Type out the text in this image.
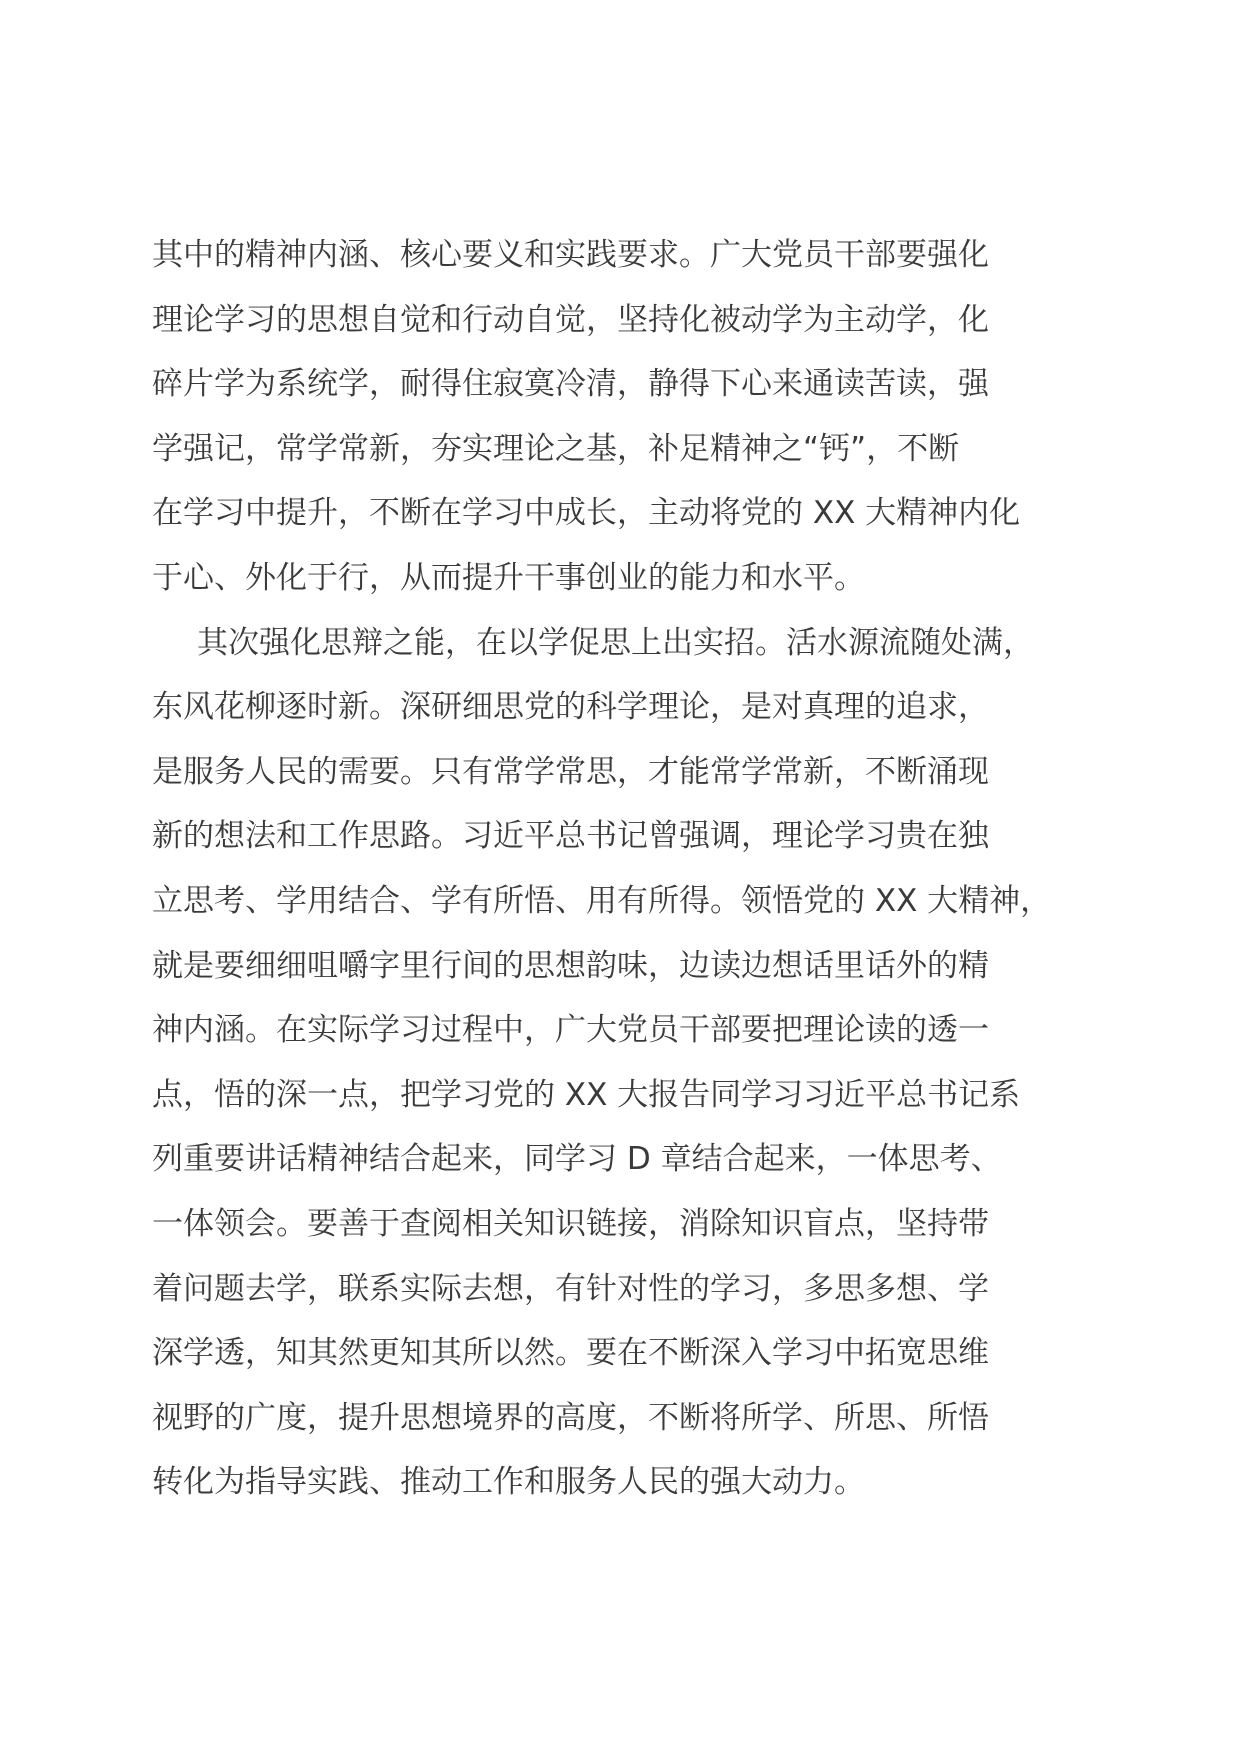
其中的精神内涵、核心要义和实践要求。广大党员干部要强化
理论学习的思想自觉和行动自觉，坚持化被动学为主动学，化
碎片学为系统学，耐得住寂寞冷清，静得下心来通读苦读，强
学强记，常学常新，夯实理论之基，补足精神之“钙”，不断
在学习中提升，不断在学习中成长，主动将党的 XX 大精神内化
于心、外化于行，从而提升干事创业的能力和水平。

其次强化思辩之能，在以学促思上出实招。活水源流随处满，
东风花柳逐时新。深研细思党的科学理论，是对真理的追求，
是服务人民的需要。只有常学常思，才能常学常新，不断涌现
新的想法和工作思路。习近平总书记曾强调，理论学习贵在独
立思考、学用结合、学有所悟、用有所得。领悟党的 XX 大精神，
就是要细细咀嚼字里行间的思想韵味，边读边想话里话外的精
神内涵。在实际学习过程中，广大党员干部要把理论读的透一
点，悟的深一点，把学习党的 XX 大报告同学习习近平总书记系
列重要讲话精神结合起来，同学习 D 章结合起来，一体思考、
一体领会。要善于查阅相关知识链接，消除知识盲点，坚持带
着问题去学，联系实际去想，有针对性的学习，多思多想、学
深学透，知其然更知其所以然。要在不断深入学习中拓宽思维
视野的广度，提升思想境界的高度，不断将所学、所思、所悟
转化为指导实践、推动工作和服务人民的强大动力。
